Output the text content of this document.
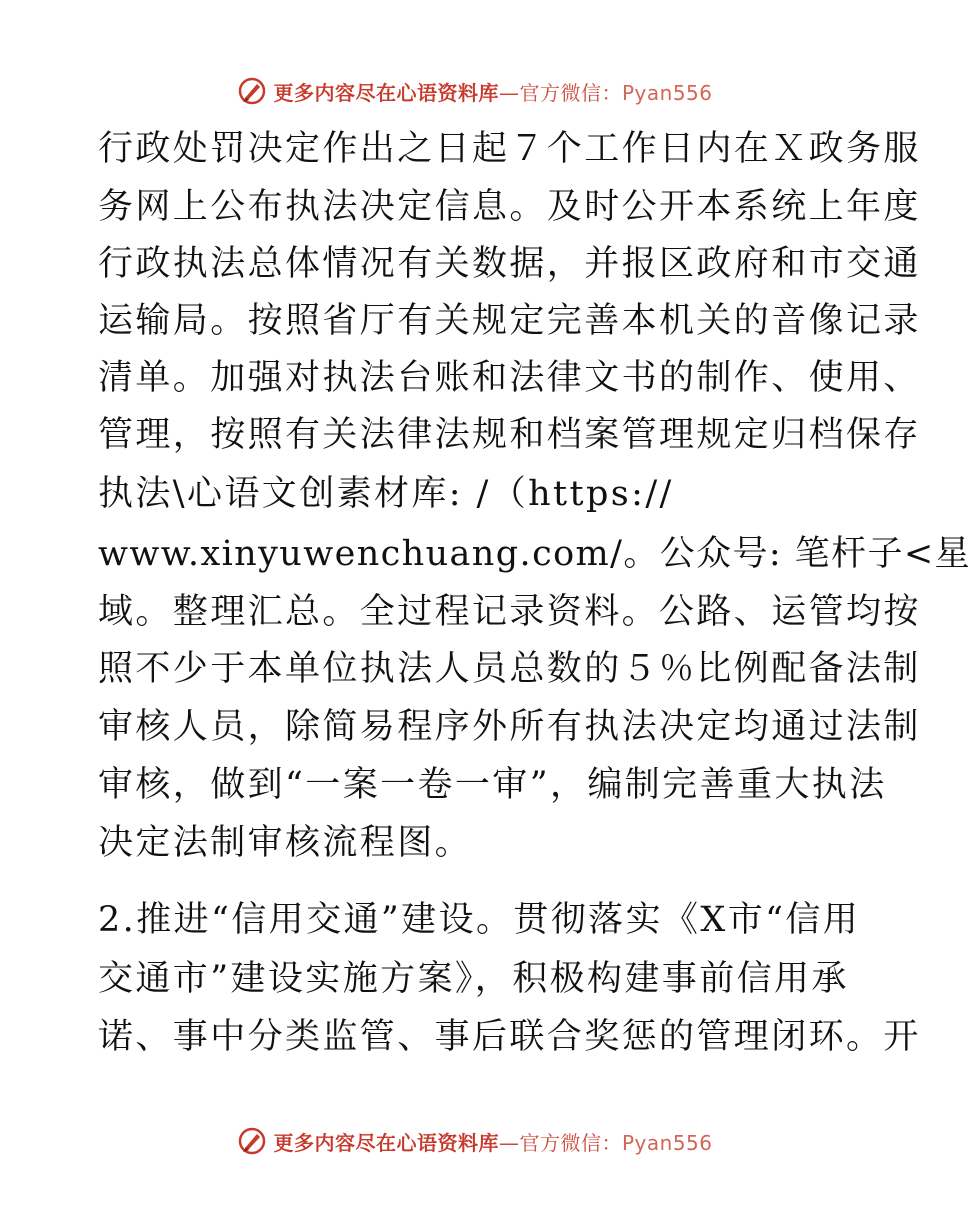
更多内容尽在心语资料库—官方微信：Pyan556
行政处罚决定作出之日起７个工作日内在Ｘ政务服
务网上公布执法决定信息。及时公开本系统上年度
行政执法总体情况有关数据，并报区政府和市交通
运输局。按照省厅有关规定完善本机关的音像记录
清单。加强对执法台账和法律文书的制作、使用、
管理，按照有关法律法规和档案管理规定归档保存
执法\心语文创素材库: /（https://
www.xinyuwenchuang.com/。公众号: 笔杆子<星
域。整理汇总。全过程记录资料。公路、运管均按
照不少于本单位执法人员总数的５％比例配备法制
审核人员，除简易程序外所有执法决定均通过法制
审核，做到“一案一卷一审”，编制完善重大执法
决定法制审核流程图。
2.推进“信用交通”建设。贯彻落实《X市“信用
交通市”建设实施方案》，积极构建事前信用承
诺、事中分类监管、事后联合奖惩的管理闭环。开
更多内容尽在心语资料库—官方微信：Pyan556
